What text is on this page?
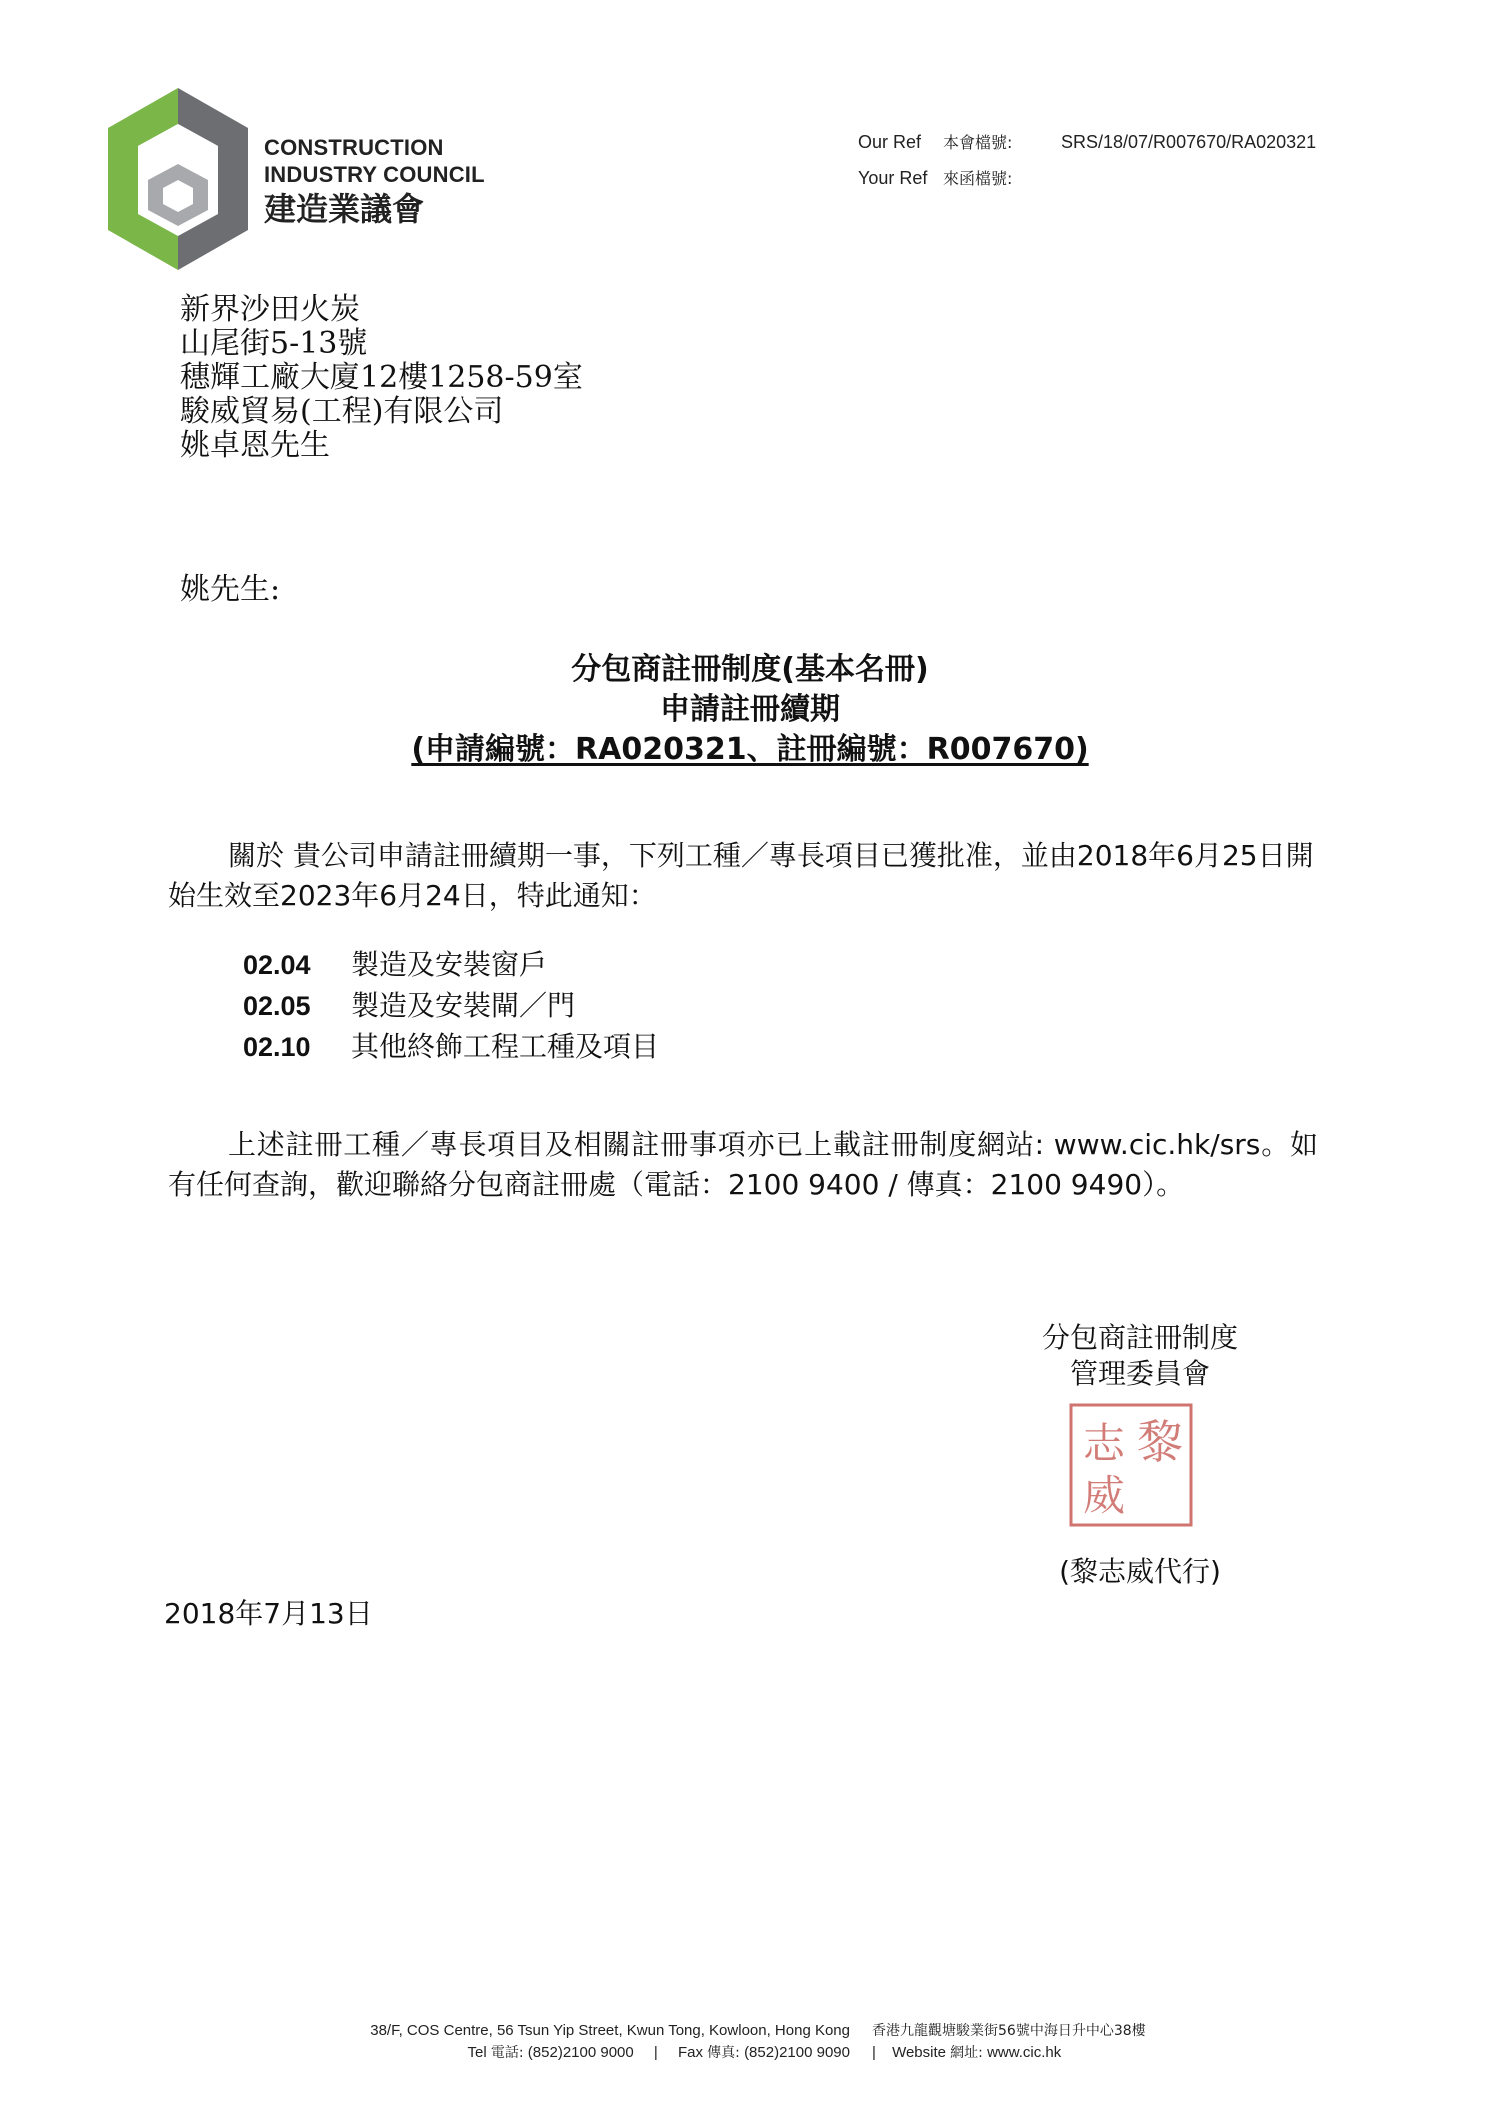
CONSTRUCTION
INDUSTRY COUNCIL
建造業議會
Our Ref 本會檔號:	SRS/18/07/R007670/RA020321
Your Ref 來函檔號:
新界沙田火炭
山尾街5-13號
穗輝工廠大廈12樓1258-59室
駿威貿易(工程)有限公司
姚卓恩先生
姚先生:
分包商註冊制度(基本名冊)
申請註冊續期
(申請編號：RA020321、註冊編號：R007670)
關於 貴公司申請註冊續期一事，下列工種／專長項目已獲批准，並由2018年6月25日開始生效至2023年6月24日，特此通知：
02.04 製造及安裝窗戶
02.05 製造及安裝閘／門
02.10 其他終飾工程工種及項目
上述註冊工種／專長項目及相關註冊事項亦已上載註冊制度網站: www.cic.hk/srs。如有任何查詢，歡迎聯絡分包商註冊處（電話：2100 9400 / 傳真：2100 9490）。
分包商註冊制度
管理委員會
黎
志
威
(黎志威代行)
2018年7月13日
38/F, COS Centre, 56 Tsun Yip Street, Kwun Tong, Kowloon, Hong Kong 香港九龍觀塘駿業街56號中海日升中心38樓
Tel 電話: (852)2100 9000 | Fax 傳真: (852)2100 9090 | Website 網址: www.cic.hk
